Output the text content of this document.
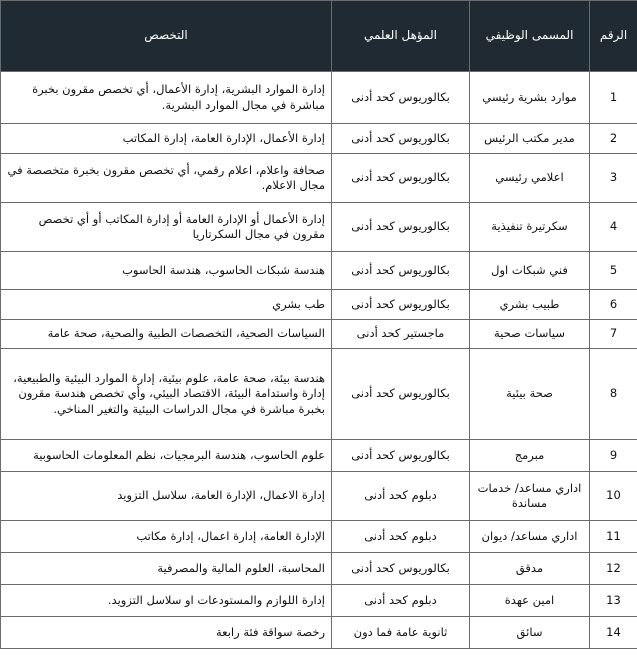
الرقم	المسمى الوظيفي	المؤهل العلمي	التخصص
1	موارد بشرية رئيسي	بكالوريوس كحد أدنى	إدارة الموارد البشرية، إدارة الأعمال، أي تخصص مقرون بخبرة مباشرة في مجال الموارد البشرية.
2	مدير مكتب الرئيس	بكالوريوس كحد أدنى	إدارة الأعمال، الإدارة العامة، إدارة المكاتب
3	اعلامي رئيسي	بكالوريوس كحد أدنى	صحافة واعلام، اعلام رقمي، أي تخصص مقرون بخبرة متخصصة في مجال الاعلام.
4	سكرتيرة تنفيذية	بكالوريوس كحد أدنى	إدارة الأعمال أو الإدارة العامة أو إدارة المكاتب أو أي تخصص مقرون في مجال السكرتاريا
5	فني شبكات اول	بكالوريوس كحد أدنى	هندسة شبكات الحاسوب، هندسة الحاسوب
6	طبيب بشري	بكالوريوس كحد أدنى	طب بشري
7	سياسات صحية	ماجستير كحد أدنى	السياسات الصحية، التخصصات الطبية والصحية، صحة عامة
8	صحة بيئية	بكالوريوس كحد أدنى	هندسة بيئة، صحة عامة، علوم بيئية، إدارة الموارد البيئية والطبيعية، إدارة واستدامة البيئة، الاقتصاد البيئي، وأي تخصص هندسة مقرون بخبرة مباشرة في مجال الدراسات البيئية والتغير المناخي.
9	مبرمج	بكالوريوس كحد أدنى	علوم الحاسوب، هندسة البرمجيات، نظم المعلومات الحاسوبية
10	اداري مساعد/ خدمات مساندة	دبلوم كحد أدنى	إدارة الاعمال، الإدارة العامة، سلاسل التزويد
11	اداري مساعد/ ديوان	دبلوم كحد أدنى	الإدارة العامة، إدارة اعمال، إدارة مكاتب
12	مدقق	بكالوريوس كحد أدنى	المحاسبة، العلوم المالية والمصرفية
13	امين عهدة	دبلوم كحد أدنى	إدارة اللوازم والمستودعات او سلاسل التزويد.
14	سائق	ثانوية عامة فما دون	رخصة سواقة فئة رابعة
